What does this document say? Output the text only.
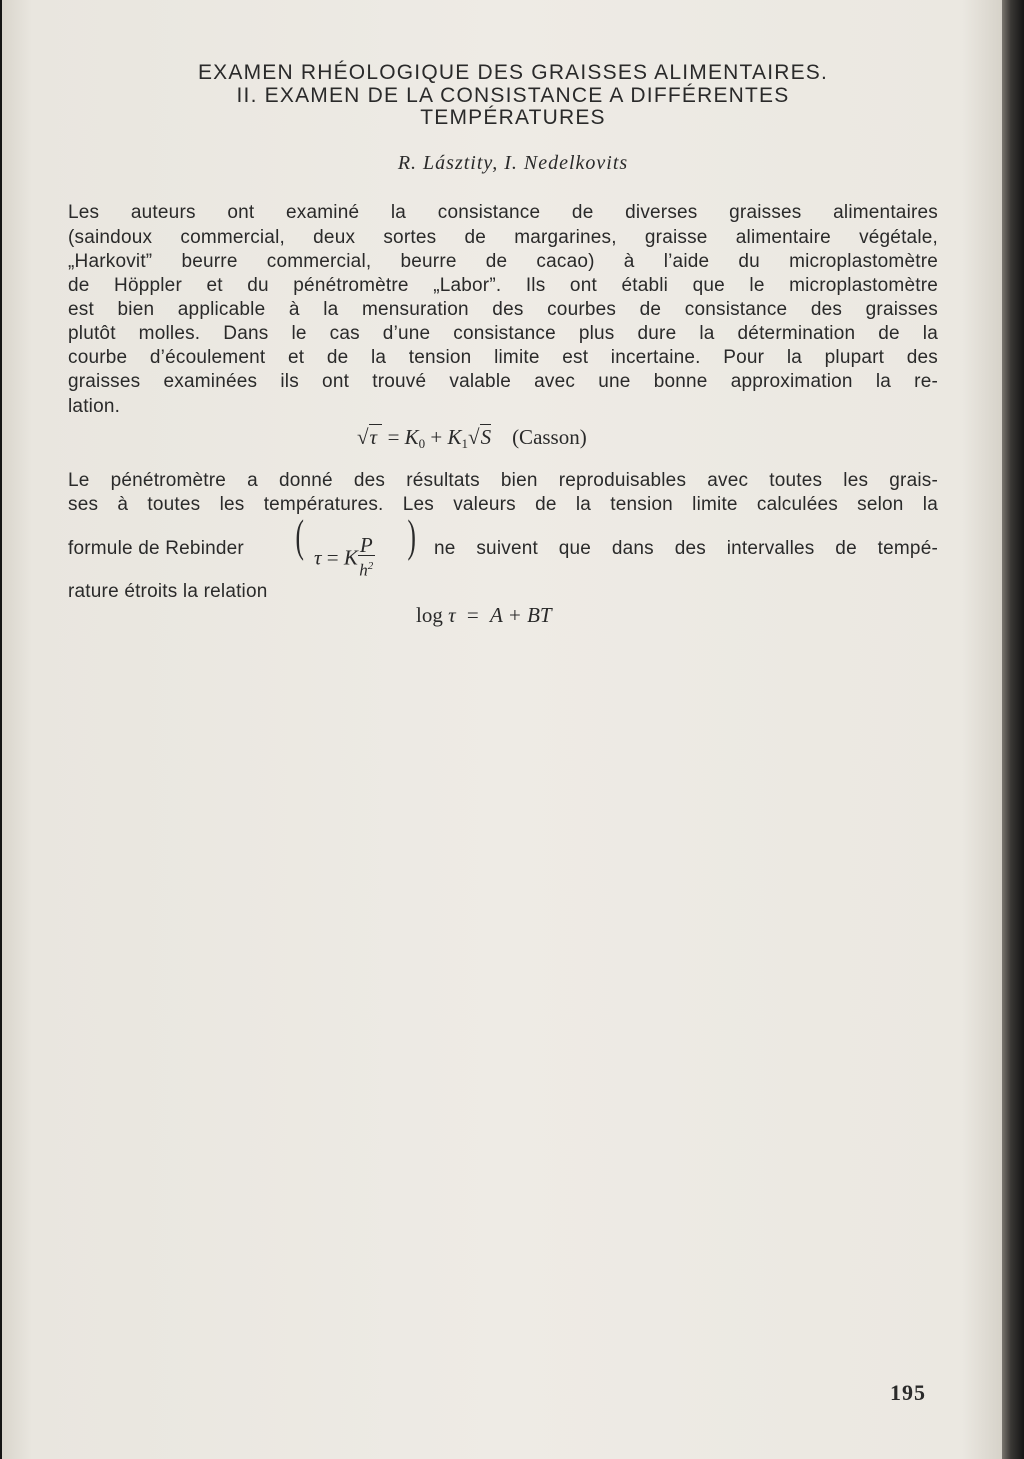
EXAMEN RHÉOLOGIQUE DES GRAISSES ALIMENTAIRES.
II. EXAMEN DE LA CONSISTANCE A DIFFÉRENTES
TEMPÉRATURES
R. Lásztity, I. Nedelkovits
Les auteurs ont examiné la consistance de diverses graisses alimentaires
(saindoux commercial, deux sortes de margarines, graisse alimentaire végétale,
„Harkovit” beurre commercial, beurre de cacao) à l’aide du microplastomètre
de Höppler et du pénétromètre „Labor”. Ils ont établi que le microplastomètre
est bien applicable à la mensuration des courbes de consistance des graisses
plutôt molles. Dans le cas d’une consistance plus dure la détermination de la
courbe d’écoulement et de la tension limite est incertaine. Pour la plupart des
graisses examinées ils ont trouvé valable avec une bonne approximation la re-
lation.
$√\tau = K_0 + K_1√S$ (Casson)
Le pénétromètre a donné des résultats bien reproduisables avec toutes les grais-
ses à toutes les températures. Les valeurs de la tension limite calculées selon la
formule de Rebinder ( τ = K $\frac{P}{h^2}$ ) ne suivent que dans des intervalles de tempé-
rature étroits la relation
log τ = A + BT
195
